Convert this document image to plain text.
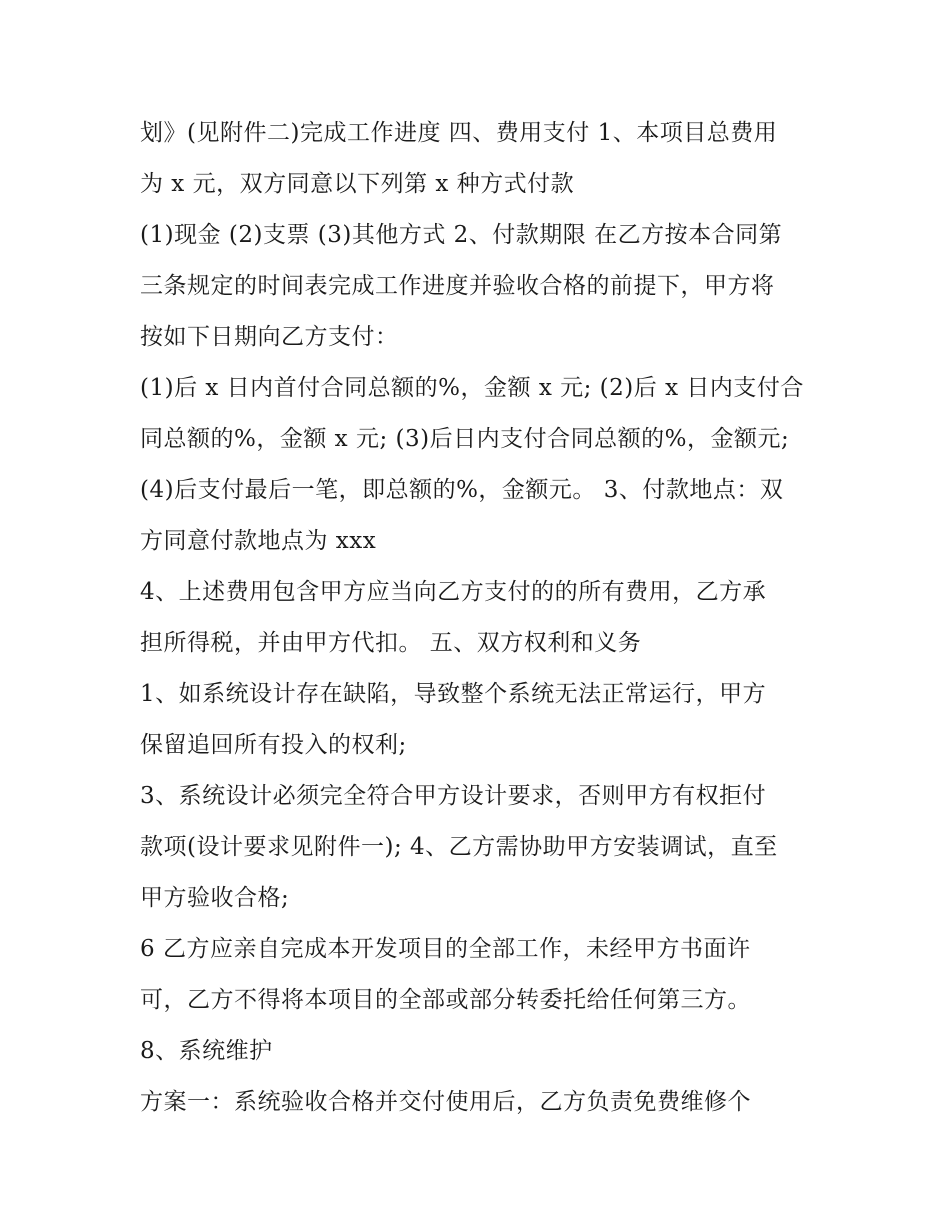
划》(见附件二)完成工作进度 四、费用支付 1、本项目总费用
为 x 元，双方同意以下列第 x 种方式付款
(1)现金 (2)支票 (3)其他方式 2、付款期限 在乙方按本合同第
三条规定的时间表完成工作进度并验收合格的前提下，甲方将
按如下日期向乙方支付：
(1)后 x 日内首付合同总额的%，金额 x 元; (2)后 x 日内支付合
同总额的%，金额 x 元; (3)后日内支付合同总额的%，金额元;
(4)后支付最后一笔，即总额的%，金额元。 3、付款地点：双
方同意付款地点为 xxx
4、上述费用包含甲方应当向乙方支付的的所有费用，乙方承
担所得税，并由甲方代扣。 五、双方权利和义务
1、如系统设计存在缺陷，导致整个系统无法正常运行，甲方
保留追回所有投入的权利;
3、系统设计必须完全符合甲方设计要求，否则甲方有权拒付
款项(设计要求见附件一); 4、乙方需协助甲方安装调试，直至
甲方验收合格;
6 乙方应亲自完成本开发项目的全部工作，未经甲方书面许
可，乙方不得将本项目的全部或部分转委托给任何第三方。
8、系统维护
方案一：系统验收合格并交付使用后，乙方负责免费维修个
